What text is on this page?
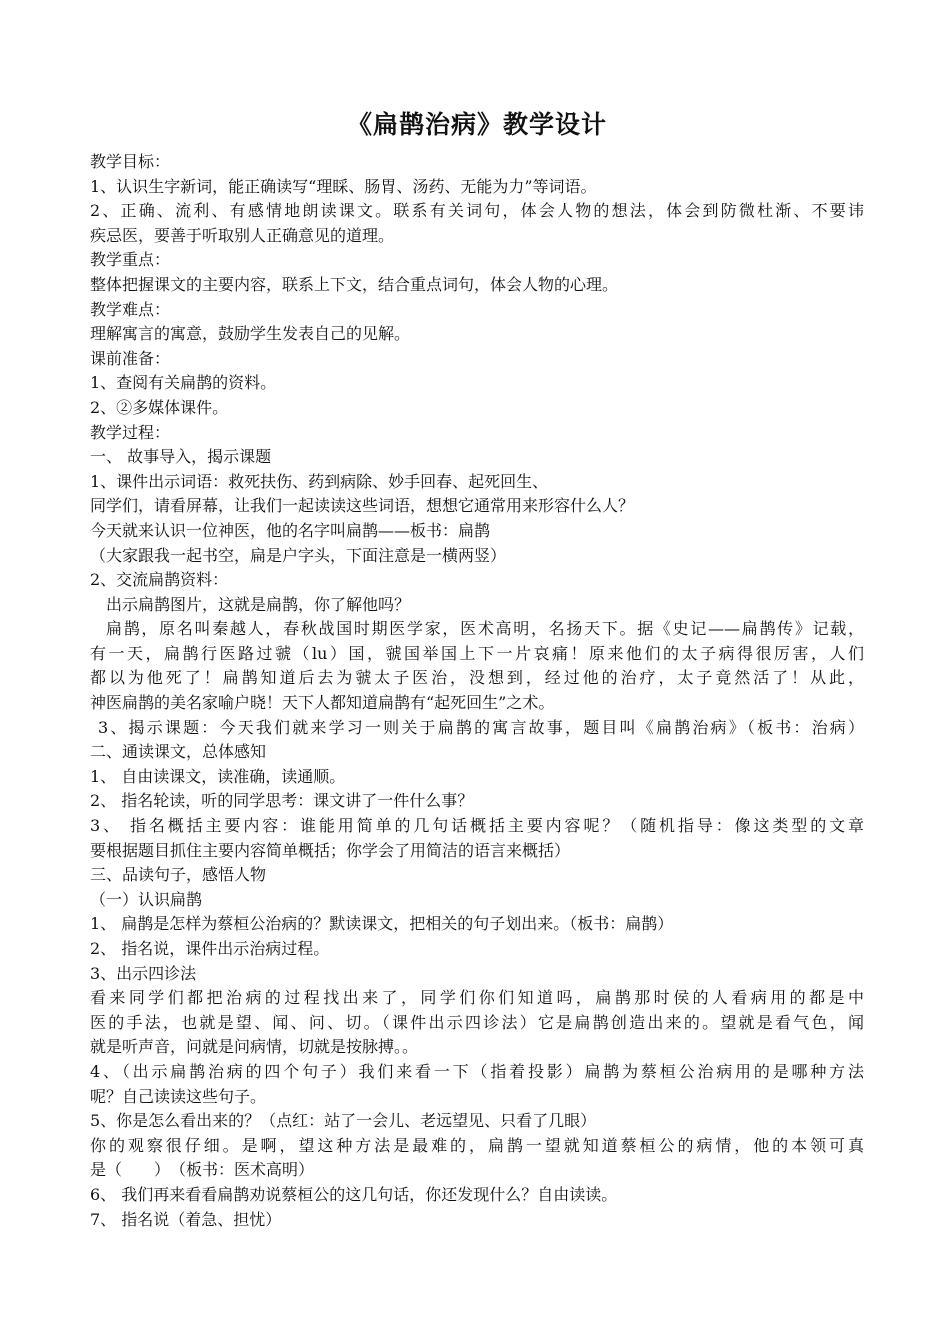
《扁鹊治病》教学设计
教学目标：
1、认识生字新词，能正确读写“理睬、肠胃、汤药、无能为力”等词语。
2、正确、流利、有感情地朗读课文。联系有关词句，体会人物的想法，体会到防微杜渐、不要讳
疾忌医，要善于听取别人正确意见的道理。
教学重点：
整体把握课文的主要内容，联系上下文，结合重点词句，体会人物的心理。
教学难点：
理解寓言的寓意，鼓励学生发表自己的见解。
课前准备：
1、查阅有关扁鹊的资料。
2、②多媒体课件。
教学过程：
一、 故事导入，揭示课题
1、课件出示词语：救死扶伤、药到病除、妙手回春、起死回生、
同学们，请看屏幕，让我们一起读读这些词语，想想它通常用来形容什么人？
今天就来认识一位神医，他的名字叫扁鹊——板书：扁鹊
（大家跟我一起书空，扁是户字头，下面注意是一横两竖）
2、交流扁鹊资料：
出示扁鹊图片，这就是扁鹊，你了解他吗？
扁鹊，原名叫秦越人，春秋战国时期医学家，医术高明，名扬天下。据《史记——扁鹊传》记载，
有一天，扁鹊行医路过虢（lu）国，虢国举国上下一片哀痛！原来他们的太子病得很厉害，人们
都以为他死了！扁鹊知道后去为虢太子医治，没想到，经过他的治疗，太子竟然活了！从此，
神医扁鹊的美名家喻户晓！天下人都知道扁鹊有“起死回生”之术。
3、揭示课题：今天我们就来学习一则关于扁鹊的寓言故事，题目叫《扁鹊治病》（板书：治病）
二、通读课文，总体感知
1、 自由读课文，读准确，读通顺。
2、 指名轮读，听的同学思考：课文讲了一件什么事？
3、 指名概括主要内容：谁能用简单的几句话概括主要内容呢？（随机指导：像这类型的文章
要根据题目抓住主要内容简单概括；你学会了用简洁的语言来概括）
三、品读句子，感悟人物
（一）认识扁鹊
1、 扁鹊是怎样为蔡桓公治病的？默读课文，把相关的句子划出来。（板书：扁鹊）
2、 指名说，课件出示治病过程。
3、出示四诊法
看来同学们都把治病的过程找出来了，同学们你们知道吗，扁鹊那时侯的人看病用的都是中
医的手法，也就是望、闻、问、切。（课件出示四诊法）它是扁鹊创造出来的。望就是看气色，闻
就是听声音，问就是问病情，切就是按脉搏。。
4、（出示扁鹊治病的四个句子）我们来看一下（指着投影）扁鹊为蔡桓公治病用的是哪种方法
呢？自己读读这些句子。
5、你是怎么看出来的？（点红：站了一会儿、老远望见、只看了几眼）
你的观察很仔细。是啊，望这种方法是最难的，扁鹊一望就知道蔡桓公的病情，他的本领可真
是（　　）　（板书：医术高明）
6、 我们再来看看扁鹊劝说蔡桓公的这几句话，你还发现什么？自由读读。
7、 指名说（着急、担忧）
